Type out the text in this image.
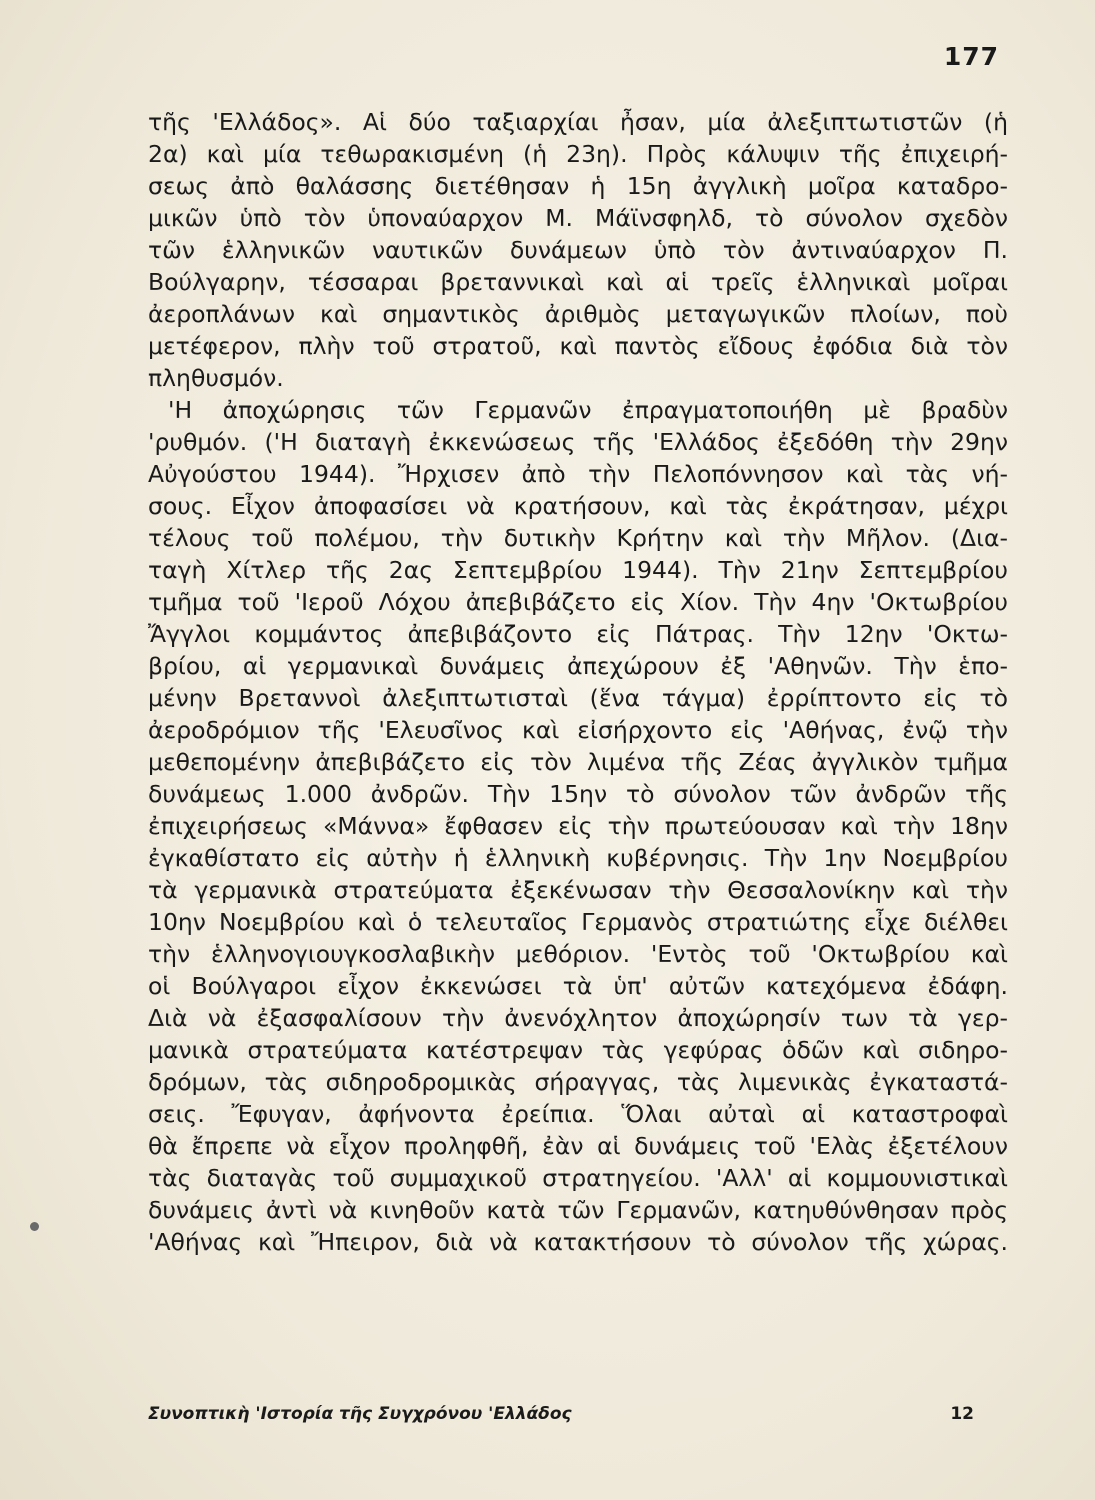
177
τῆς 'Ελλάδος». Αἱ δύο ταξιαρχίαι ἦσαν, μία ἀλεξιπτωτιστῶν (ἡ
2α) καὶ μία τεθωρακισμένη (ἡ 23η). Πρὸς κάλυψιν τῆς ἐπιχειρή-
σεως ἀπὸ θαλάσσης διετέθησαν ἡ 15η ἀγγλικὴ μοῖρα καταδρο-
μικῶν ὑπὸ τὸν ὑποναύαρχον Μ. Μάϊνσφηλδ, τὸ σύνολον σχεδὸν
τῶν ἑλληνικῶν ναυτικῶν δυνάμεων ὑπὸ τὸν ἀντιναύαρχον Π.
Βούλγαρην, τέσσαραι βρεταννικαὶ καὶ αἱ τρεῖς ἑλληνικαὶ μοῖραι
ἀεροπλάνων καὶ σημαντικὸς ἀριθμὸς μεταγωγικῶν πλοίων, ποὺ
μετέφερον, πλὴν τοῦ στρατοῦ, καὶ παντὸς εἴδους ἐφόδια διὰ τὸν
πληθυσμόν.
'Η ἀποχώρησις τῶν Γερμανῶν ἐπραγματοποιήθη μὲ βραδὺν
'ρυθμόν. ('Η διαταγὴ ἐκκενώσεως τῆς 'Ελλάδος ἐξεδόθη τὴν 29ην
Αὐγούστου 1944). Ἤρχισεν ἀπὸ τὴν Πελοπόννησον καὶ τὰς νή-
σους. Εἶχον ἀποφασίσει νὰ κρατήσουν, καὶ τὰς ἐκράτησαν, μέχρι
τέλους τοῦ πολέμου, τὴν δυτικὴν Κρήτην καὶ τὴν Μῆλον. (Δια-
ταγὴ Χίτλερ τῆς 2ας Σεπτεμβρίου 1944). Τὴν 21ην Σεπτεμβρίου
τμῆμα τοῦ 'Ιεροῦ Λόχου ἀπεβιβάζετο εἰς Χίον. Τὴν 4ην 'Οκτωβρίου
Ἄγγλοι κομμάντος ἀπεβιβάζοντο εἰς Πάτρας. Τὴν 12ην 'Οκτω-
βρίου, αἱ γερμανικαὶ δυνάμεις ἀπεχώρουν ἐξ 'Αθηνῶν. Τὴν ἑπο-
μένην Βρεταννοὶ ἀλεξιπτωτισταὶ (ἕνα τάγμα) ἐρρίπτοντο εἰς τὸ
ἀεροδρόμιον τῆς 'Ελευσῖνος καὶ εἰσήρχοντο εἰς 'Αθήνας, ἐνῷ τὴν
μεθεπομένην ἀπεβιβάζετο εἰς τὸν λιμένα τῆς Ζέας ἀγγλικὸν τμῆμα
δυνάμεως 1.000 ἀνδρῶν. Τὴν 15ην τὸ σύνολον τῶν ἀνδρῶν τῆς
ἐπιχειρήσεως «Μάννα» ἔφθασεν εἰς τὴν πρωτεύουσαν καὶ τὴν 18ην
ἐγκαθίστατο εἰς αὐτὴν ἡ ἑλληνικὴ κυβέρνησις. Τὴν 1ην Νοεμβρίου
τὰ γερμανικὰ στρατεύματα ἐξεκένωσαν τὴν Θεσσαλονίκην καὶ τὴν
10ην Νοεμβρίου καὶ ὁ τελευταῖος Γερμανὸς στρατιώτης εἶχε διέλθει
τὴν ἑλληνογιουγκοσλαβικὴν μεθόριον. 'Εντὸς τοῦ 'Οκτωβρίου καὶ
οἱ Βούλγαροι εἶχον ἐκκενώσει τὰ ὑπ' αὐτῶν κατεχόμενα ἐδάφη.
Διὰ νὰ ἐξασφαλίσουν τὴν ἀνενόχλητον ἀποχώρησίν των τὰ γερ-
μανικὰ στρατεύματα κατέστρεψαν τὰς γεφύρας ὁδῶν καὶ σιδηρο-
δρόμων, τὰς σιδηροδρομικὰς σήραγγας, τὰς λιμενικὰς ἐγκαταστά-
σεις. Ἔφυγαν, ἀφήνοντα ἐρείπια. Ὅλαι αὐταὶ αἱ καταστροφαὶ
θὰ ἔπρεπε νὰ εἶχον προληφθῆ, ἐὰν αἱ δυνάμεις τοῦ 'Ελὰς ἐξετέλουν
τὰς διαταγὰς τοῦ συμμαχικοῦ στρατηγείου. 'Αλλ' αἱ κομμουνιστικαὶ
δυνάμεις ἀντὶ νὰ κινηθοῦν κατὰ τῶν Γερμανῶν, κατηυθύνθησαν πρὸς
'Αθήνας καὶ Ἤπειρον, διὰ νὰ κατακτήσουν τὸ σύνολον τῆς χώρας.
Συνοπτικὴ 'Ιστορία τῆς Συγχρόνου 'Ελλάδος	12
